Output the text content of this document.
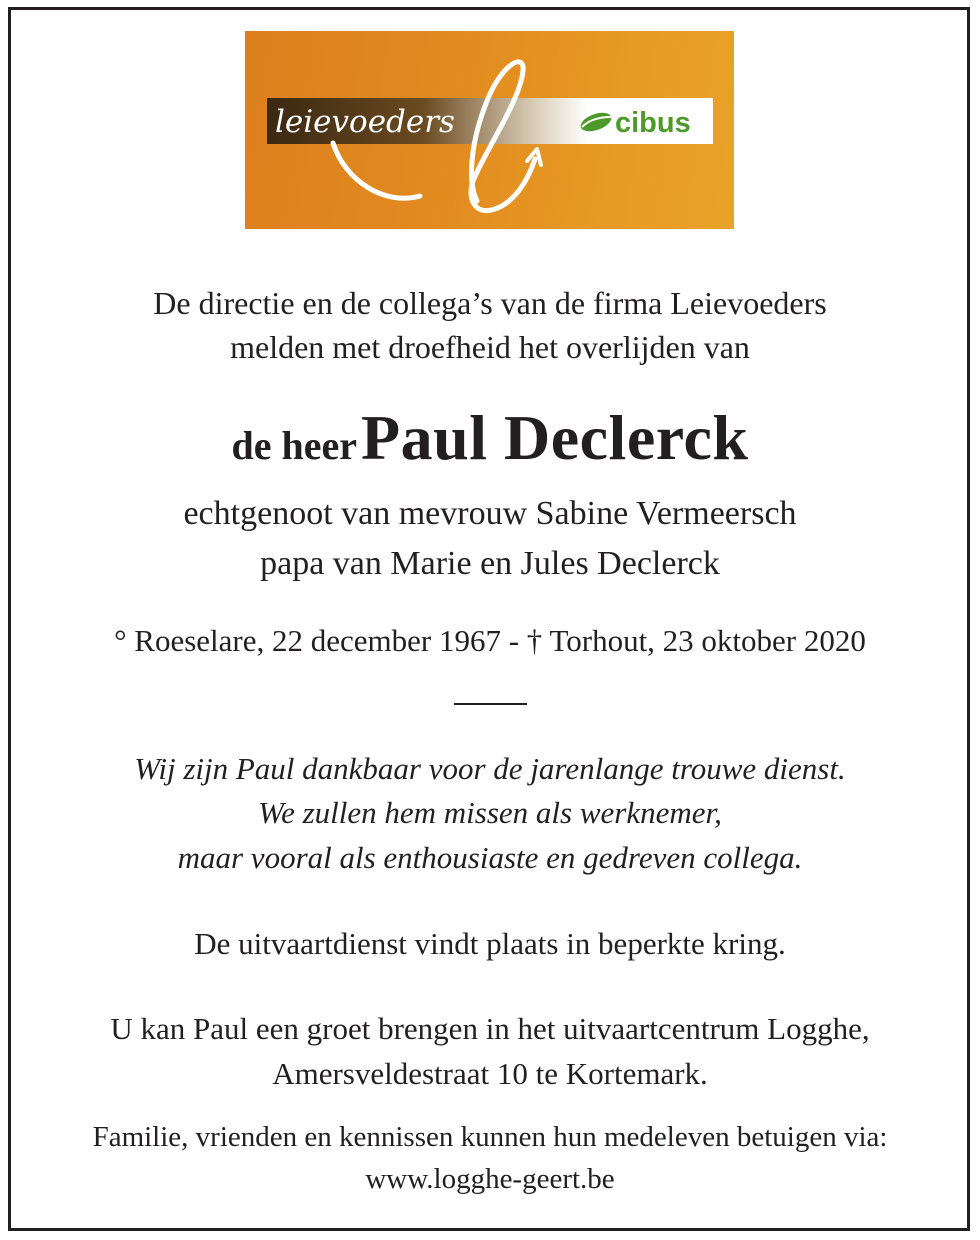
leievoeders	cibus
De directie en de collega’s van de firma Leievoeders
melden met droefheid het overlijden van
de heer Paul Declerck
echtgenoot van mevrouw Sabine Vermeersch
papa van Marie en Jules Declerck
° Roeselare, 22 december 1967 - † Torhout, 23 oktober 2020
Wij zijn Paul dankbaar voor de jarenlange trouwe dienst.
We zullen hem missen als werknemer,
maar vooral als enthousiaste en gedreven collega.
De uitvaartdienst vindt plaats in beperkte kring.
U kan Paul een groet brengen in het uitvaartcentrum Logghe,
Amersveldestraat 10 te Kortemark.
Familie, vrienden en kennissen kunnen hun medeleven betuigen via:
www.logghe-geert.be
